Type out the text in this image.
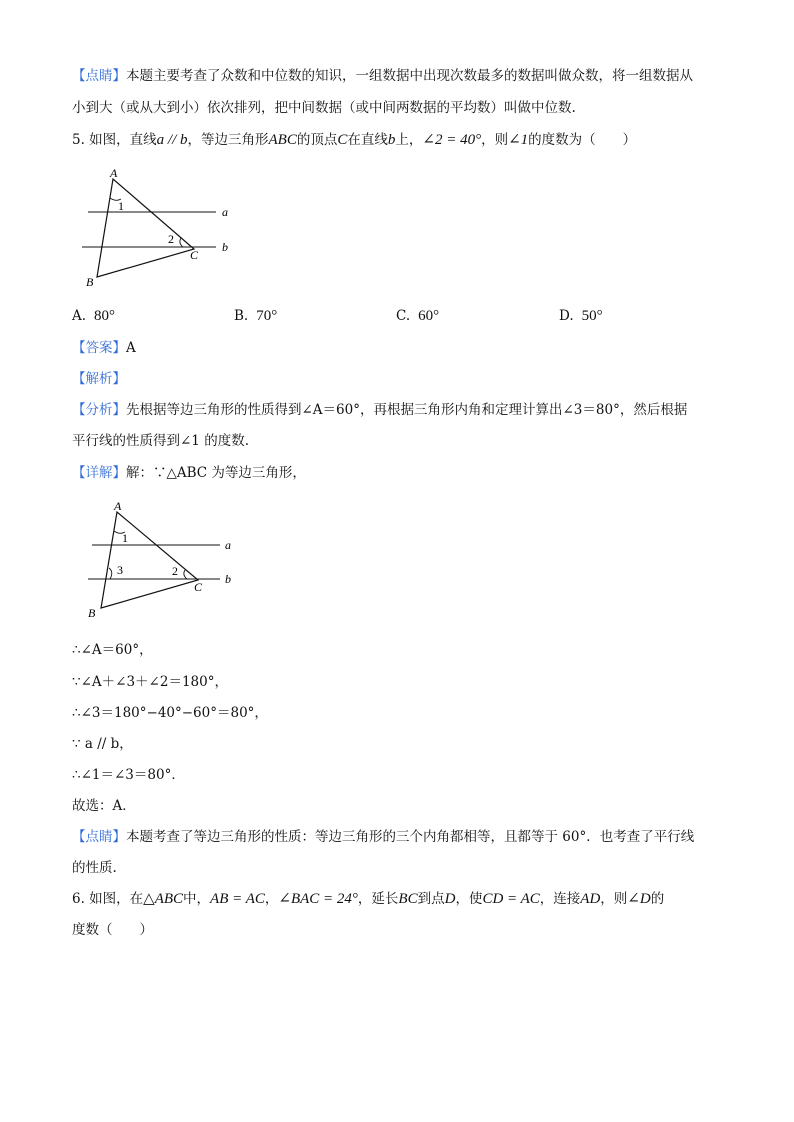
【点睛】本题主要考查了众数和中位数的知识，一组数据中出现次数最多的数据叫做众数，将一组数据从
小到大（或从大到小）依次排列，把中间数据（或中间两数据的平均数）叫做中位数.
5. 如图，直线a // b，等边三角形ABC的顶点C在直线b上，∠2 = 40°，则∠1的度数为（　　）
A
B
C
a
b
1
2
A. 80°	B. 70°	C. 60°	D. 50°
【答案】A
【解析】
【分析】先根据等边三角形的性质得到∠A＝60°，再根据三角形内角和定理计算出∠3＝80°，然后根据
平行线的性质得到∠1 的度数.
【详解】解：∵△ABC 为等边三角形，
A
B
C
a
b
1
2
3
∴∠A＝60°，
∵∠A＋∠3＋∠2＝180°，
∴∠3＝180°−40°−60°＝80°，
∵ a // b，
∴∠1＝∠3＝80°．
故选：A．
【点睛】本题考查了等边三角形的性质：等边三角形的三个内角都相等，且都等于 60°．也考查了平行线
的性质.
6. 如图，在△ABC中，AB = AC，∠BAC = 24°，延长BC到点D，使CD = AC，连接AD，则∠D的
度数（　　）
